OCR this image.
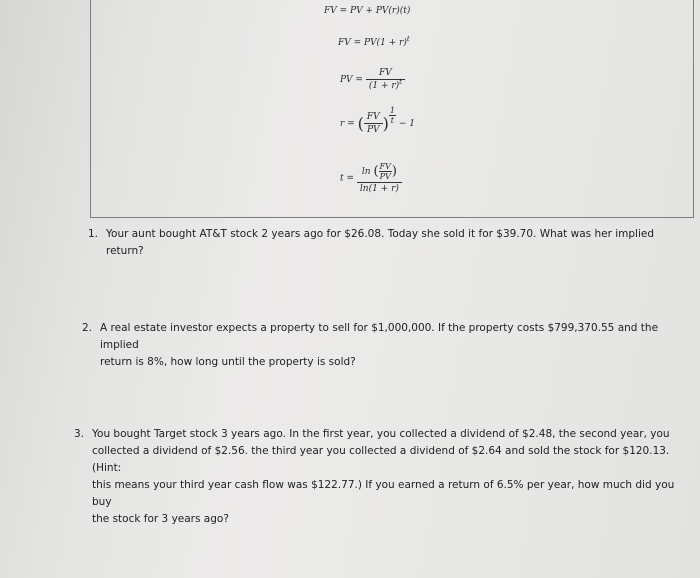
FV = PV + PV(r)(t)
FV = $PV(1 + r)^t$
PV = $\frac{FV}{(1 + r)^t}$
r = ( $\frac{FV}{PV}$ ) $\frac{1}{t} - 1$
$t = \frac{\ln ( \frac{FV}{PV} )}{\ln(1 + r)}$
1. Your aunt bought AT&T stock 2 years ago for $26.08. Today she sold it for $39.70. What was her implied return?
2. A real estate investor expects a property to sell for $1,000,000. If the property costs $799,370.55 and the implied
return is 8%, how long until the property is sold?
3. You bought Target stock 3 years ago. In the first year, you collected a dividend of $2.48, the second year, you
collected a dividend of $2.56. the third year you collected a dividend of $2.64 and sold the stock for $120.13. (Hint:
this means your third year cash flow was $122.77.) If you earned a return of 6.5% per year, how much did you buy
the stock for 3 years ago?
